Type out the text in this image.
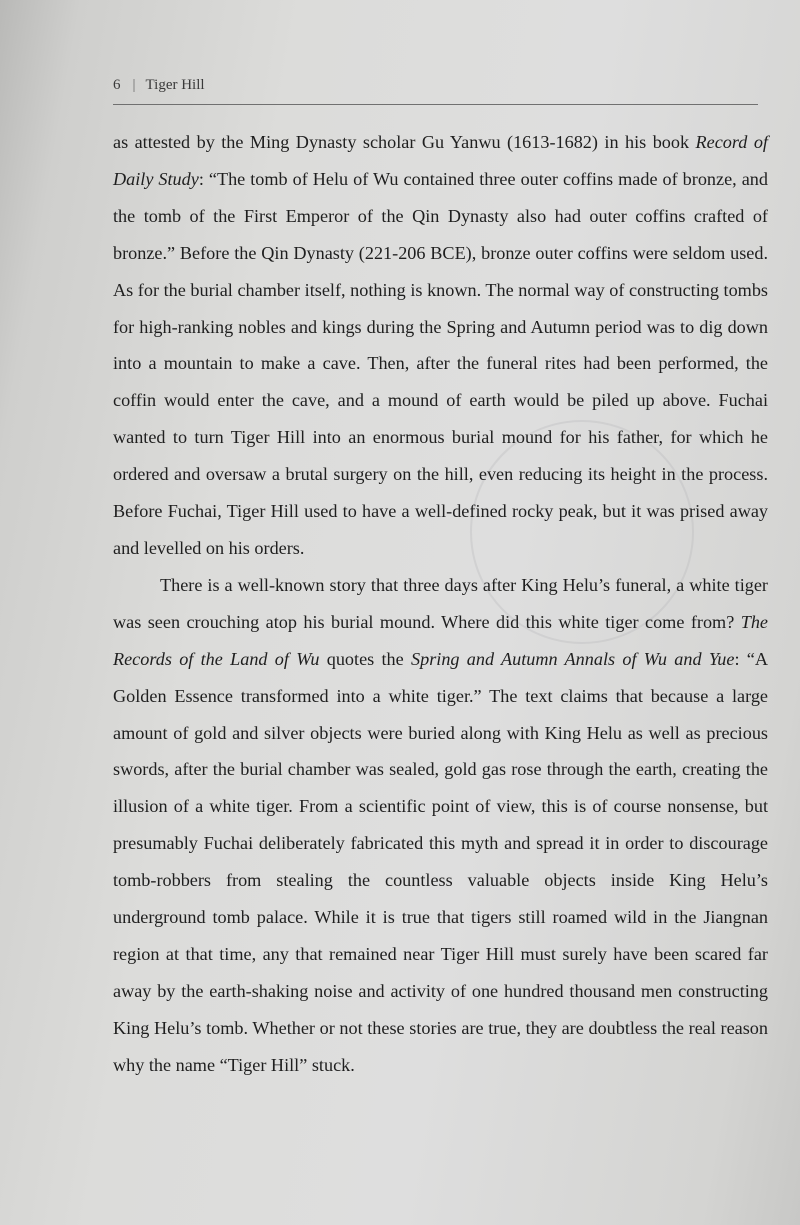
6 | Tiger Hill

as attested by the Ming Dynasty scholar Gu Yanwu (1613-1682) in his book Record of Daily Study: “The tomb of Helu of Wu contained three outer coffins made of bronze, and the tomb of the First Emperor of the Qin Dynasty also had outer coffins crafted of bronze.” Before the Qin Dynasty (221-206 BCE), bronze outer coffins were seldom used. As for the burial chamber itself, nothing is known. The normal way of constructing tombs for high-ranking nobles and kings during the Spring and Autumn period was to dig down into a mountain to make a cave. Then, after the funeral rites had been performed, the coffin would enter the cave, and a mound of earth would be piled up above. Fuchai wanted to turn Tiger Hill into an enormous burial mound for his father, for which he ordered and oversaw a brutal surgery on the hill, even reducing its height in the process. Before Fuchai, Tiger Hill used to have a well-defined rocky peak, but it was prised away and levelled on his orders.

There is a well-known story that three days after King Helu’s funeral, a white tiger was seen crouching atop his burial mound. Where did this white tiger come from? The Records of the Land of Wu quotes the Spring and Autumn Annals of Wu and Yue: “A Golden Essence transformed into a white tiger.” The text claims that because a large amount of gold and silver objects were buried along with King Helu as well as precious swords, after the burial chamber was sealed, gold gas rose through the earth, creating the illusion of a white tiger. From a scientific point of view, this is of course nonsense, but presumably Fuchai deliberately fabricated this myth and spread it in order to discourage tomb-robbers from stealing the countless valuable objects inside King Helu’s underground tomb palace. While it is true that tigers still roamed wild in the Jiangnan region at that time, any that remained near Tiger Hill must surely have been scared far away by the earth-shaking noise and activity of one hundred thousand men constructing King Helu’s tomb. Whether or not these stories are true, they are doubtless the real reason why the name “Tiger Hill” stuck.
